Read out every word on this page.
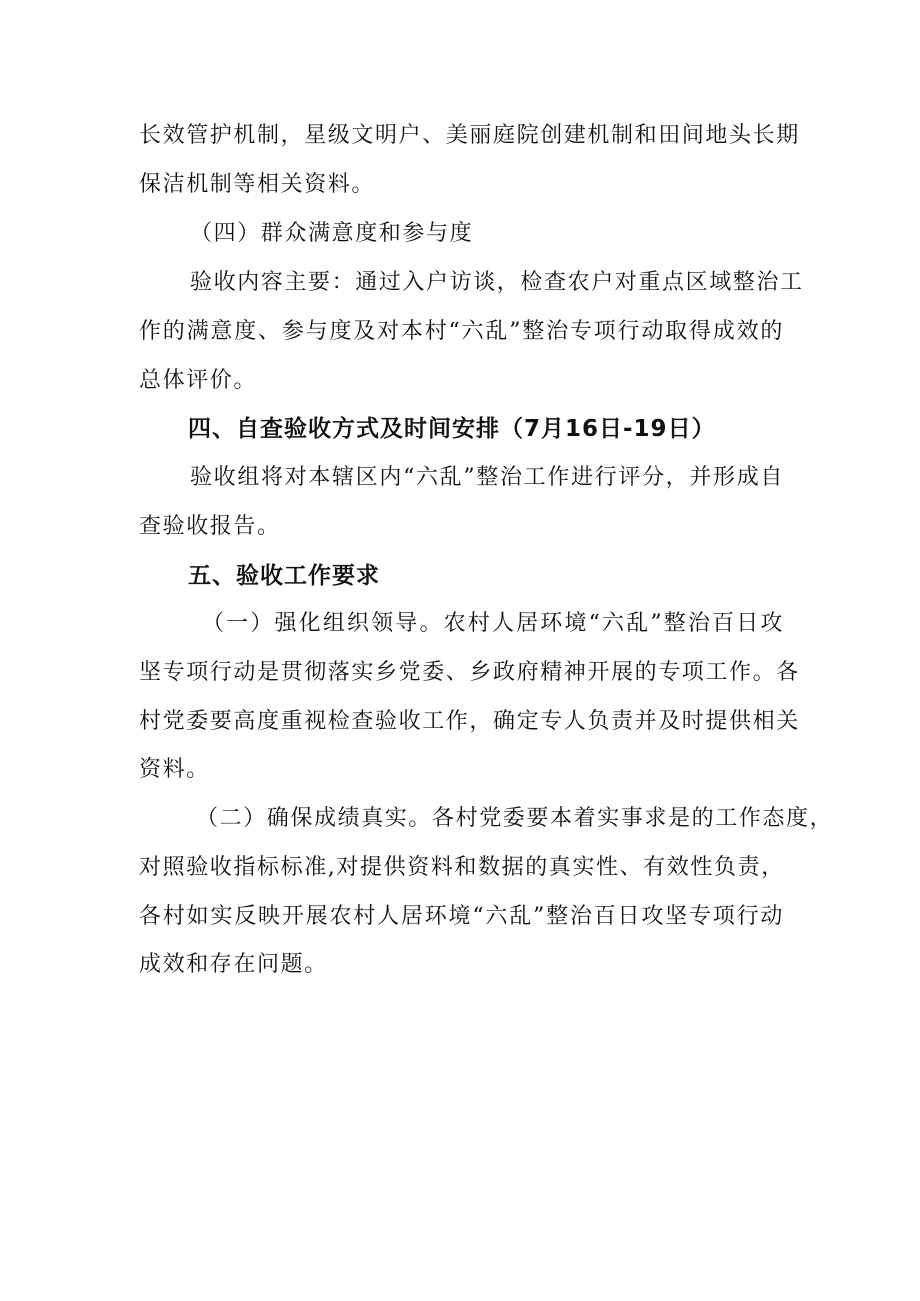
长效管护机制，星级文明户、美丽庭院创建机制和田间地头长期
保洁机制等相关资料。
（四）群众满意度和参与度
验收内容主要：通过入户访谈，检查农户对重点区域整治工
作的满意度、参与度及对本村“六乱”整治专项行动取得成效的
总体评价。
四、自查验收方式及时间安排（7月16日-19日）
验收组将对本辖区内“六乱”整治工作进行评分，并形成自
查验收报告。
五、验收工作要求
（一）强化组织领导。农村人居环境“六乱”整治百日攻
坚专项行动是贯彻落实乡党委、乡政府精神开展的专项工作。各
村党委要高度重视检查验收工作，确定专人负责并及时提供相关
资料。
（二）确保成绩真实。各村党委要本着实事求是的工作态度，
对照验收指标标准,对提供资料和数据的真实性、有效性负责，
各村如实反映开展农村人居环境“六乱”整治百日攻坚专项行动
成效和存在问题。
